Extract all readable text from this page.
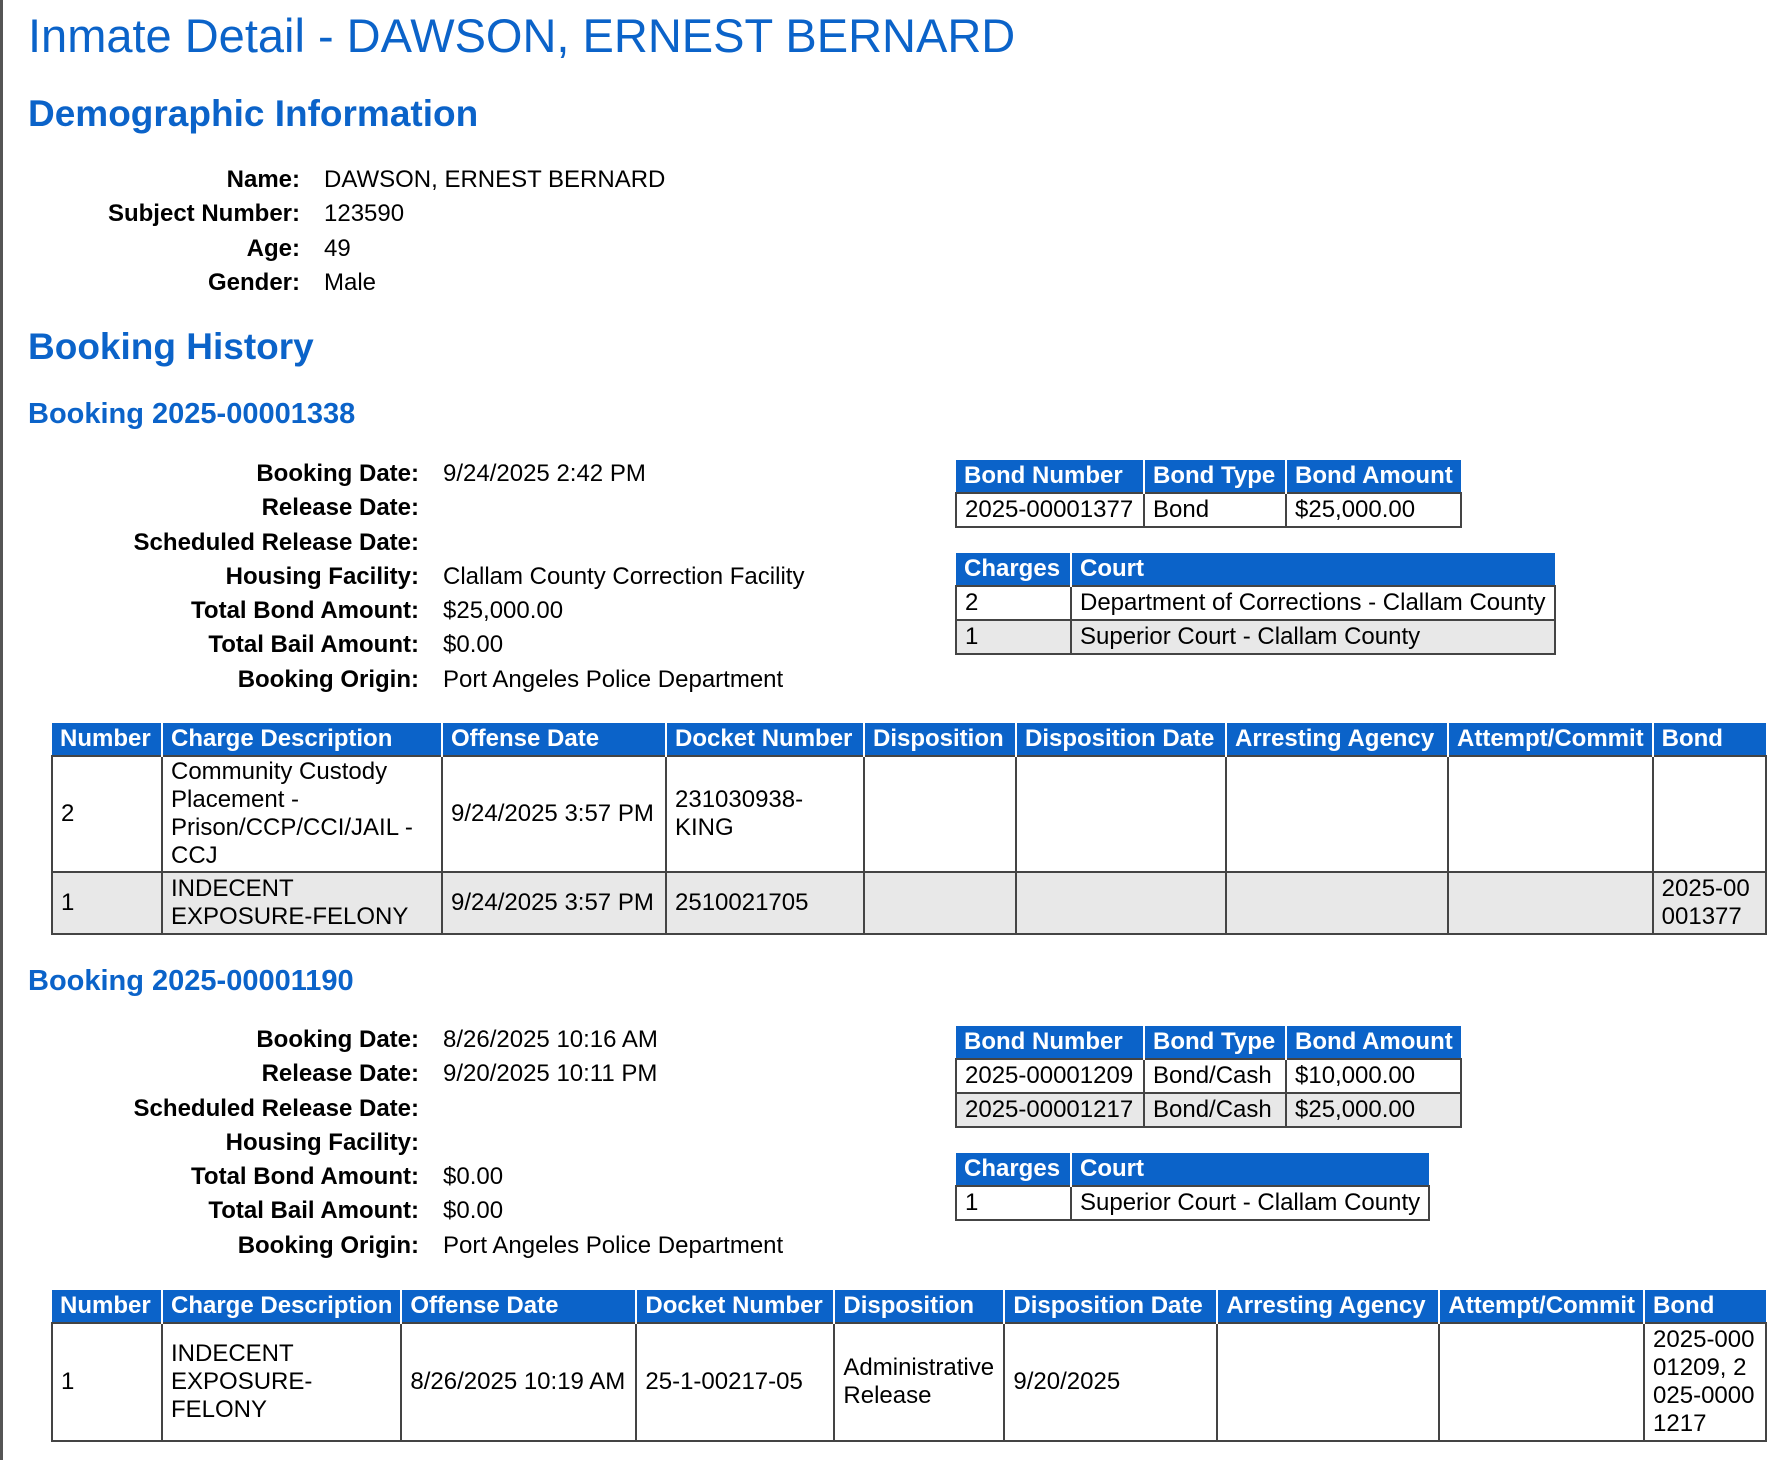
Inmate Detail - DAWSON, ERNEST BERNARD
Demographic Information
Name: DAWSON, ERNEST BERNARD
Subject Number: 123590
Age: 49
Gender: Male
Booking History
Booking 2025-00001338
Booking Date: 9/24/2025 2:42 PM
Release Date:
Scheduled Release Date:
Housing Facility: Clallam County Correction Facility
Total Bond Amount: $25,000.00
Total Bail Amount: $0.00
Booking Origin: Port Angeles Police Department
Bond Number	Bond Type	Bond Amount
2025-00001377	Bond	$25,000.00
Charges	Court
2	Department of Corrections - Clallam County
1	Superior Court - Clallam County
Number	Charge Description	Offense Date	Docket Number	Disposition	Disposition Date	Arresting Agency	Attempt/Commit	Bond
2	Community Custody Placement - Prison/CCP/CCI/JAIL - CCJ	9/24/2025 3:57 PM	231030938-KING					
1	INDECENT EXPOSURE-FELONY	9/24/2025 3:57 PM	2510021705					2025-00001377
Booking 2025-00001190
Booking Date: 8/26/2025 10:16 AM
Release Date: 9/20/2025 10:11 PM
Scheduled Release Date:
Housing Facility:
Total Bond Amount: $0.00
Total Bail Amount: $0.00
Booking Origin: Port Angeles Police Department
Bond Number	Bond Type	Bond Amount
2025-00001209	Bond/Cash	$10,000.00
2025-00001217	Bond/Cash	$25,000.00
Charges	Court
1	Superior Court - Clallam County
Number	Charge Description	Offense Date	Docket Number	Disposition	Disposition Date	Arresting Agency	Attempt/Commit	Bond
1	INDECENT EXPOSURE-FELONY	8/26/2025 10:19 AM	25-1-00217-05	Administrative Release	9/20/2025			2025-00001209, 2025-00001217
